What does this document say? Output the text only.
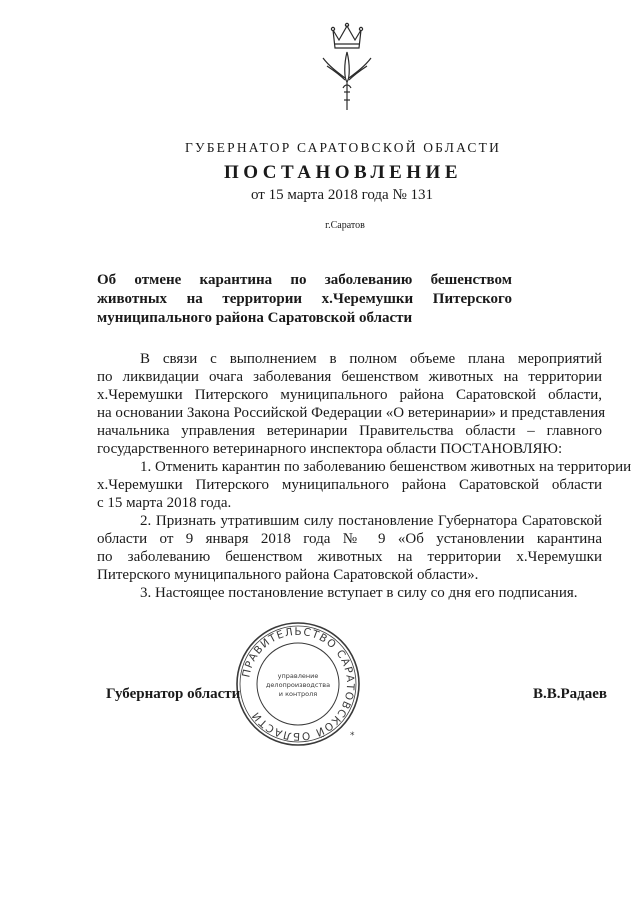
ГУБЕРНАТОР САРАТОВСКОЙ ОБЛАСТИ
ПОСТАНОВЛЕНИЕ
от 15 марта 2018 года № 131
г.Саратов
Об отмене карантина по заболеванию бешенством
животных на территории х.Черемушки Питерского
муниципального района Саратовской области
В связи с выполнением в полном объеме плана мероприятий
по ликвидации очага заболевания бешенством животных на территории
х.Черемушки Питерского муниципального района Саратовской области,
на основании Закона Российской Федерации «О ветеринарии» и представления
начальника управления ветеринарии Правительства области – главного
государственного ветеринарного инспектора области ПОСТАНОВЛЯЮ:
1. Отменить карантин по заболеванию бешенством животных на территории
х.Черемушки Питерского муниципального района Саратовской области
с 15 марта 2018 года.
2. Признать утратившим силу постановление Губернатора Саратовской
области от 9 января 2018 года № 9 «Об установлении карантина
по заболеванию бешенством животных на территории х.Черемушки
Питерского муниципального района Саратовской области».
3. Настоящее постановление вступает в силу со дня его подписания.
ПРАВИТЕЛЬСТВО САРАТОВСКОЙ ОБЛАСТИ
*
управление
делопроизводства
и контроля
Губернатор области	В.В.Радаев
